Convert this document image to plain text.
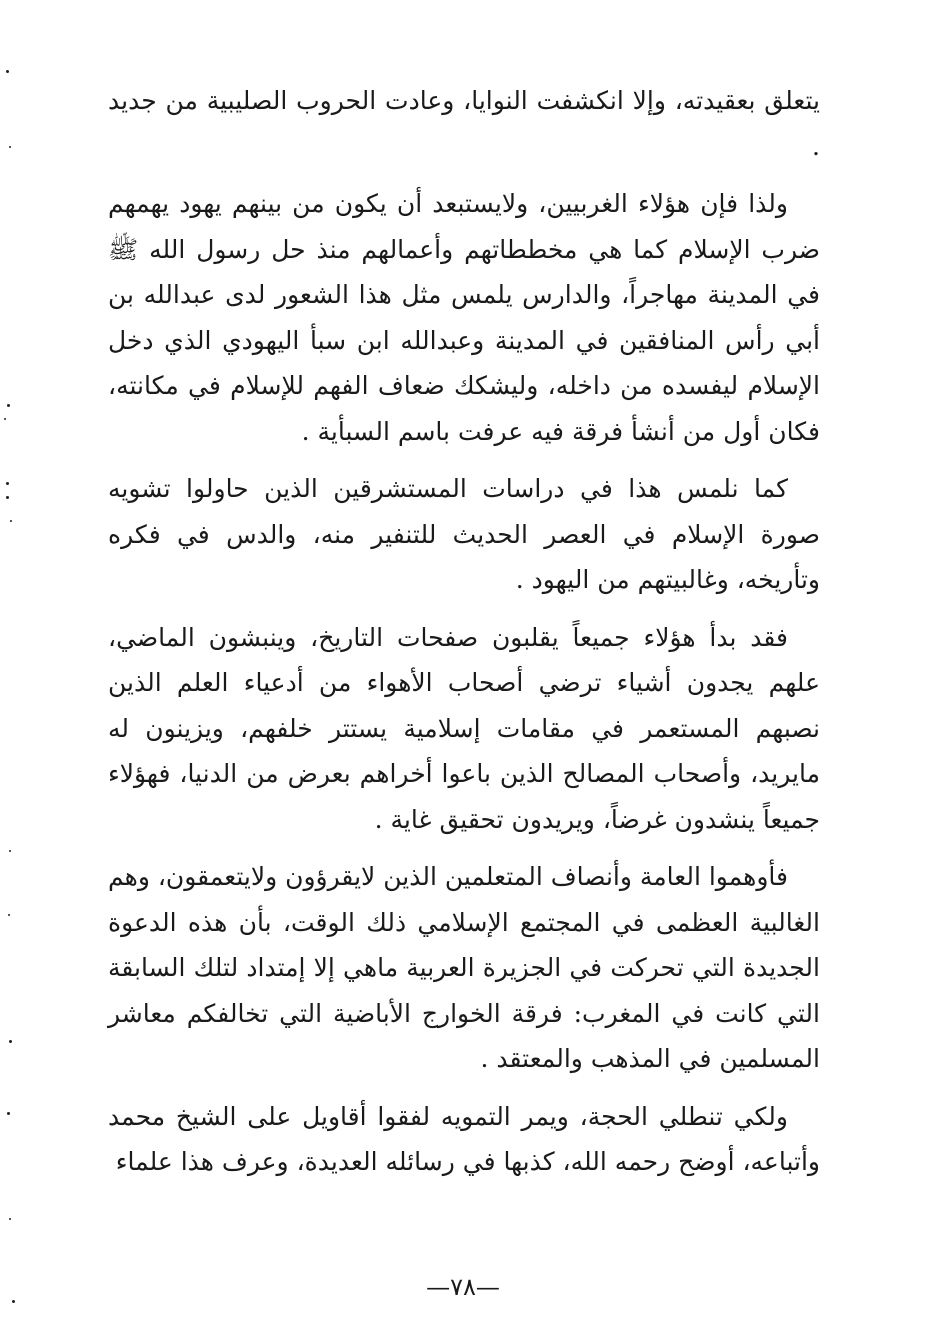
يتعلق بعقيدته، وإلا انكشفت النوايا، وعادت الحروب الصليبية من جديد .

ولذا فإن هؤلاء الغربيين، ولايستبعد أن يكون من بينهم يهود يهمهم ضرب الإسلام كما هي مخططاتهم وأعمالهم منذ حل رسول الله ﷺ في المدينة مهاجراً، والدارس يلمس مثل هذا الشعور لدى عبدالله بن أبي رأس المنافقين في المدينة وعبدالله ابن سبأ اليهودي الذي دخل الإسلام ليفسده من داخله، وليشكك ضعاف الفهم للإسلام في مكانته، فكان أول من أنشأ فرقة فيه عرفت باسم السبأية .

كما نلمس هذا في دراسات المستشرقين الذين حاولوا تشويه صورة الإسلام في العصر الحديث للتنفير منه، والدس في فكره وتأريخه، وغالبيتهم من اليهود .

فقد بدأ هؤلاء جميعاً يقلبون صفحات التاريخ، وينبشون الماضي، علهم يجدون أشياء ترضي أصحاب الأهواء من أدعياء العلم الذين نصبهم المستعمر في مقامات إسلامية يستتر خلفهم، ويزينون له مايريد، وأصحاب المصالح الذين باعوا أخراهم بعرض من الدنيا، فهؤلاء جميعاً ينشدون غرضاً، ويريدون تحقيق غاية .

فأوهموا العامة وأنصاف المتعلمين الذين لايقرؤون ولايتعمقون، وهم الغالبية العظمى في المجتمع الإسلامي ذلك الوقت، بأن هذه الدعوة الجديدة التي تحركت في الجزيرة العربية ماهي إلا إمتداد لتلك السابقة التي كانت في المغرب: فرقة الخوارج الأباضية التي تخالفكم معاشر المسلمين في المذهب والمعتقد .

ولكي تنطلي الحجة، ويمر التمويه لفقوا أقاويل على الشيخ محمد وأتباعه، أوضح رحمه الله، كذبها في رسائله العديدة، وعرف هذا علماء

—٧٨—
